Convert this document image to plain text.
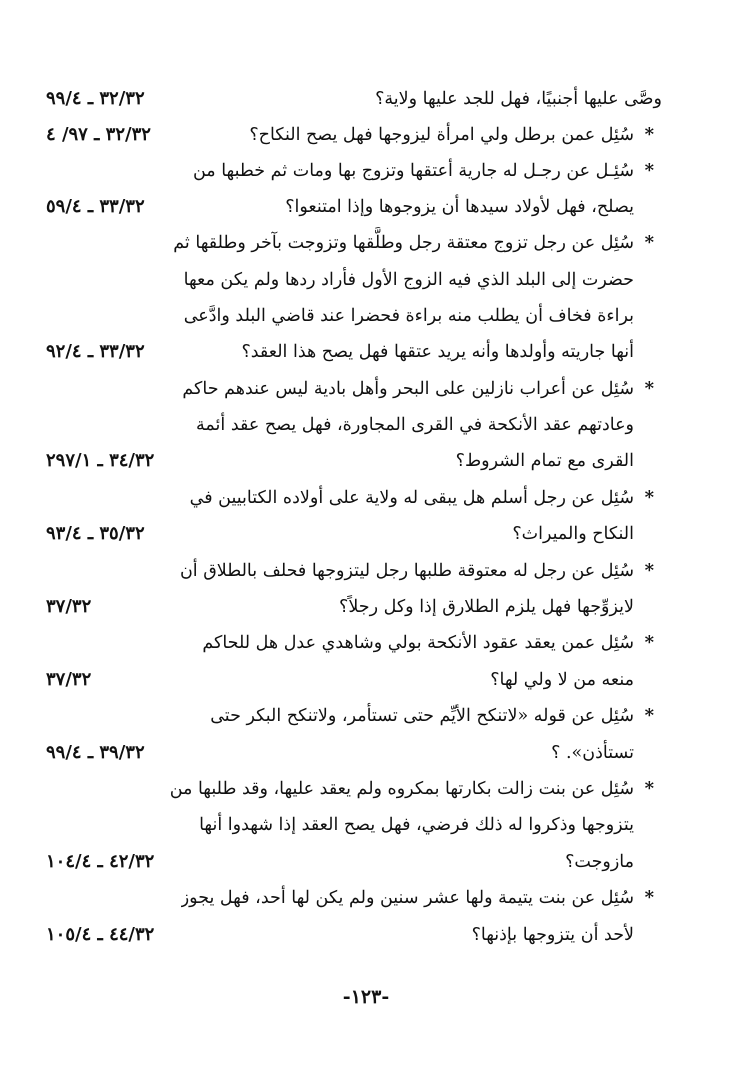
وصَّى عليها أجنبيًا، فهل للجد عليها ولاية؟
٣٢/٣٢ ـ ٩٩/٤
*
سُئِل عمن برطل ولي امرأة ليزوجها فهل يصح النكاح؟
٣٢/٣٢ ـ ٩٧/ ٤
*
سُئِـل عن رجـل له جارية أعتقها وتزوج بها ومات ثم خطبها من
يصلح، فهل لأولاد سيدها أن يزوجوها وإذا امتنعوا؟
٣٣/٣٢ ـ ٥٩/٤
*
سُئِل عن رجل تزوج معتقة رجل وطلَّقها وتزوجت بآخر وطلقها ثم
حضرت إلى البلد الذي فيه الزوج الأول فأراد ردها ولم يكن معها
براءة فخاف أن يطلب منه براءة فحضرا عند قاضي البلد وادَّعى
أنها جاريته وأولدها وأنه يريد عتقها فهل يصح هذا العقد؟
٣٣/٣٢ ـ ٩٢/٤
*
سُئِل عن أعراب نازلين على البحر وأهل بادية ليس عندهم حاكم
وعادتهم عقد الأنكحة في القرى المجاورة، فهل يصح عقد أئمة
القرى مع تمام الشروط؟
٣٤/٣٢ ـ ٢٩٧/١
*
سُئِل عن رجل أسلم هل يبقى له ولاية على أولاده الكتابيين في
النكاح والميراث؟
٣٥/٣٢ ـ ٩٣/٤
*
سُئِل عن رجل له معتوقة طلبها رجل ليتزوجها فحلف بالطلاق أن
لايزوِّجها فهل يلزم الطلارق إذا وكل رجلاً؟
٣٧/٣٢
*
سُئِل عمن يعقد عقود الأنكحة بولي وشاهدي عدل هل للحاكم
منعه من لا ولي لها؟
٣٧/٣٢
*
سُئِل عن قوله «لاتنكح الأيِّم حتى تستأمر، ولاتنكح البكر حتى
تستأذن». ؟
٣٩/٣٢ ـ ٩٩/٤
*
سُئِل عن بنت زالت بكارتها بمكروه ولم يعقد عليها، وقد طلبها من
يتزوجها وذكروا له ذلك فرضي، فهل يصح العقد إذا شهدوا أنها
مازوجت؟
٤٢/٣٢ ـ ١٠٤/٤
*
سُئِل عن بنت يتيمة ولها عشر سنين ولم يكن لها أحد، فهل يجوز
لأحد أن يتزوجها بإذنها؟
٤٤/٣٢ ـ ١٠٥/٤
-١٢٣-
